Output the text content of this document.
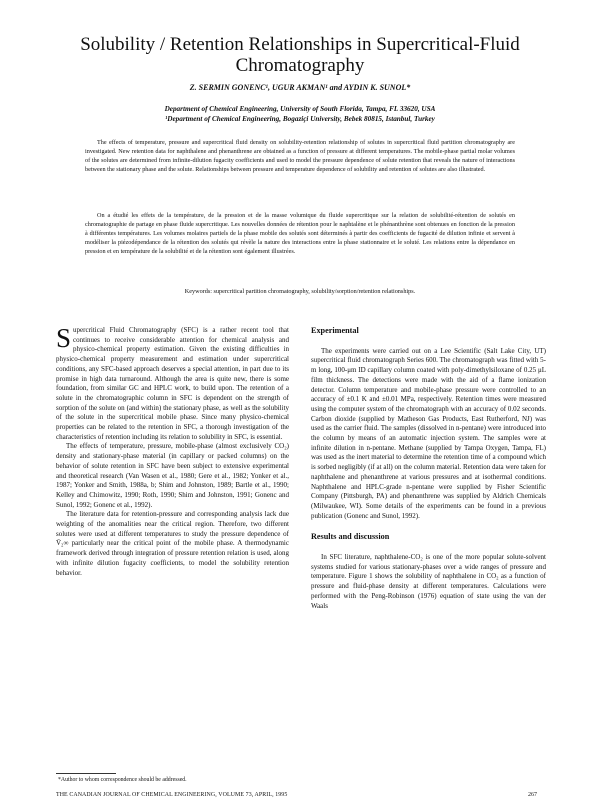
Solubility / Retention Relationships in Supercritical-Fluid Chromatography
Z. SERMIN GONENC¹, UGUR AKMAN¹ and AYDIN K. SUNOL*
Department of Chemical Engineering, University of South Florida, Tampa, FL 33620, USA
¹Department of Chemical Engineering, Bogaziçi University, Bebek 80815, Istanbul, Turkey
The effects of temperature, pressure and supercritical fluid density on solubility-retention relationship of solutes in supercritical fluid partition chromatography are investigated. New retention data for naphthalene and phenanthrene are obtained as a function of pressure at different temperatures. The mobile-phase partial molar volumes of the solutes are determined from infinite-dilution fugacity coefficients and used to model the pressure dependence of solute retention that reveals the nature of interactions between the stationary phase and the solute. Relationships between pressure and temperature dependence of solubility and retention of solutes are also illustrated.
On a étudié les effets de la température, de la pression et de la masse volumique du fluide supercritique sur la relation de solubilité-rétention de solutés en chromatographie de partage en phase fluide supercritique. Les nouvelles données de rétention pour le naphtalène et le phénanthrène sont obtenues en fonction de la pression à différentes températures. Les volumes molaires partiels de la phase mobile des solutés sont déterminés à partir des coefficients de fugacité de dilution infinie et servent à modéliser la piézodépendance de la rétention des solutés qui révèle la nature des interactions entre la phase stationnaire et le soluté. Les relations entre la dépendance en pression et en température de la solubilité et de la rétention sont également illustrées.
Keywords: supercritical partition chromatography, solubility/sorption/retention relationships.

Supercritical Fluid Chromatography (SFC) is a rather recent tool that continues to receive considerable attention for chemical analysis and physico-chemical property estimation. Given the existing difficulties in physico-chemical property measurement and estimation under supercritical conditions, any SFC-based approach deserves a special attention, in part due to its promise in high data turnaround. Although the area is quite new, there is some foundation, from similar GC and HPLC work, to build upon. The retention of a solute in the chromatographic column in SFC is dependent on the strength of sorption of the solute on (and within) the stationary phase, as well as the solubility of the solute in the supercritical mobile phase. Since many physico-chemical properties can be related to the retention in SFC, a thorough investigation of the characteristics of retention including its relation to solubility in SFC, is essential.

The effects of temperature, pressure, mobile-phase (almost exclusively CO₂) density and stationary-phase material (in capillary or packed columns) on the behavior of solute retention in SFC have been subject to extensive experimental and theoretical research (Van Wasen et al., 1980; Gere et al., 1982; Yonker et al., 1987; Yonker and Smith, 1988a, b; Shim and Johnston, 1989; Bartle et al., 1990; Kelley and Chimowitz, 1990; Roth, 1990; Shim and Johnston, 1991; Gonenc and Sunol, 1992; Gonenc et al., 1992).

The literature data for retention-pressure and corresponding analysis lack due weighting of the anomalities near the critical region. Therefore, two different solutes were used at different temperatures to study the pressure dependence of V̄₂∞ particularly near the critical point of the mobile phase. A thermodynamic framework derived through integration of pressure retention relation is used, along with infinite dilution fugacity coefficients, to model the solubility retention behavior.

Experimental

The experiments were carried out on a Lee Scientific (Salt Lake City, UT) supercritical fluid chromatograph Series 600. The chromatograph was fitted with 5-m long, 100-μm ID capillary column coated with poly-dimethylsiloxane of 0.25 μL film thickness. The detections were made with the aid of a flame ionization detector. Column temperature and mobile-phase pressure were controlled to an accuracy of ±0.1 K and ±0.01 MPa, respectively. Retention times were measured using the computer system of the chromatograph with an accuracy of 0.02 seconds. Carbon dioxide (supplied by Matheson Gas Products, East Rutherford, NJ) was used as the carrier fluid. The samples (dissolved in n-pentane) were introduced into the column by means of an automatic injection system. The samples were at infinite dilution in n-pentane. Methane (supplied by Tampa Oxygen, Tampa, FL) was used as the inert material to determine the retention time of a compound which is sorbed negligibly (if at all) on the column material. Retention data were taken for naphthalene and phenanthrene at various pressures and at isothermal conditions. Naphthalene and HPLC-grade n-pentane were supplied by Fisher Scientific Company (Pittsburgh, PA) and phenanthrene was supplied by Aldrich Chemicals (Milwaukee, WI). Some details of the experiments can be found in a previous publication (Gonenc and Sunol, 1992).

Results and discussion

In SFC literature, naphthalene-CO₂ is one of the more popular solute-solvent systems studied for various stationary-phases over a wide ranges of pressure and temperature. Figure 1 shows the solubility of naphthalene in CO₂ as a function of pressure and fluid-phase density at different temperatures. Calculations were performed with the Peng-Robinson (1976) equation of state using the van der Waals

*Author to whom correspondence should be addressed.
THE CANADIAN JOURNAL OF CHEMICAL ENGINEERING, VOLUME 73, APRIL, 1995	267
